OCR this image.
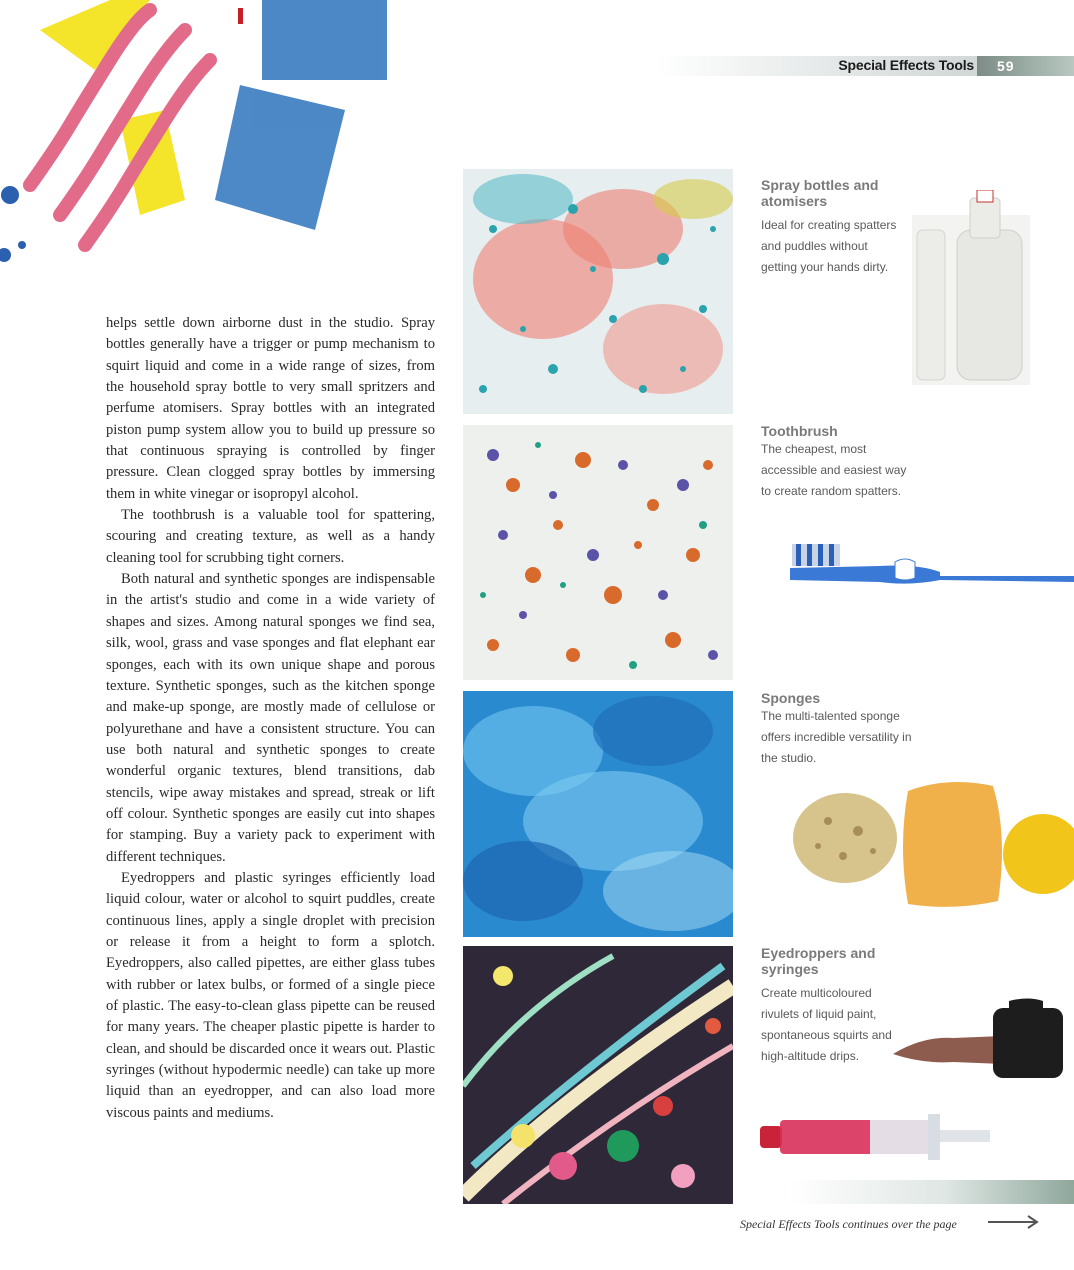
Special Effects Tools	59

helps settle down airborne dust in the studio. Spray bottles generally have a trigger or pump mechanism to squirt liquid and come in a wide range of sizes, from the household spray bottle to very small spritzers and perfume atomisers. Spray bottles with an integrated piston pump system allow you to build up pressure so that continuous spraying is controlled by finger pressure. Clean clogged spray bottles by immersing them in white vinegar or isopropyl alcohol.

The toothbrush is a valuable tool for spattering, scouring and creating texture, as well as a handy cleaning tool for scrubbing tight corners.

Both natural and synthetic sponges are indispensable in the artist's studio and come in a wide variety of shapes and sizes. Among natural sponges we find sea, silk, wool, grass and vase sponges and flat elephant ear sponges, each with its own unique shape and porous texture. Synthetic sponges, such as the kitchen sponge and make-up sponge, are mostly made of cellulose or polyurethane and have a consistent structure. You can use both natural and synthetic sponges to create wonderful organic textures, blend transitions, dab stencils, wipe away mistakes and spread, streak or lift off colour. Synthetic sponges are easily cut into shapes for stamping. Buy a variety pack to experiment with different techniques.

Eyedroppers and plastic syringes efficiently load liquid colour, water or alcohol to squirt puddles, create continuous lines, apply a single droplet with precision or release it from a height to form a splotch. Eyedroppers, also called pipettes, are either glass tubes with rubber or latex bulbs, or formed of a single piece of plastic. The easy-to-clean glass pipette can be reused for many years. The cheaper plastic pipette is harder to clean, and should be discarded once it wears out. Plastic syringes (without hypodermic needle) can take up more liquid than an eyedropper, and can also load more viscous paints and mediums.

Spray bottles and atomisers

Ideal for creating spatters and puddles without getting your hands dirty.

Toothbrush

The cheapest, most accessible and easiest way to create random spatters.

Sponges

The multi-talented sponge offers incredible versatility in the studio.

Eyedroppers and syringes

Create multicoloured rivulets of liquid paint, spontaneous squirts and high-altitude drips.

Special Effects Tools continues over the page
